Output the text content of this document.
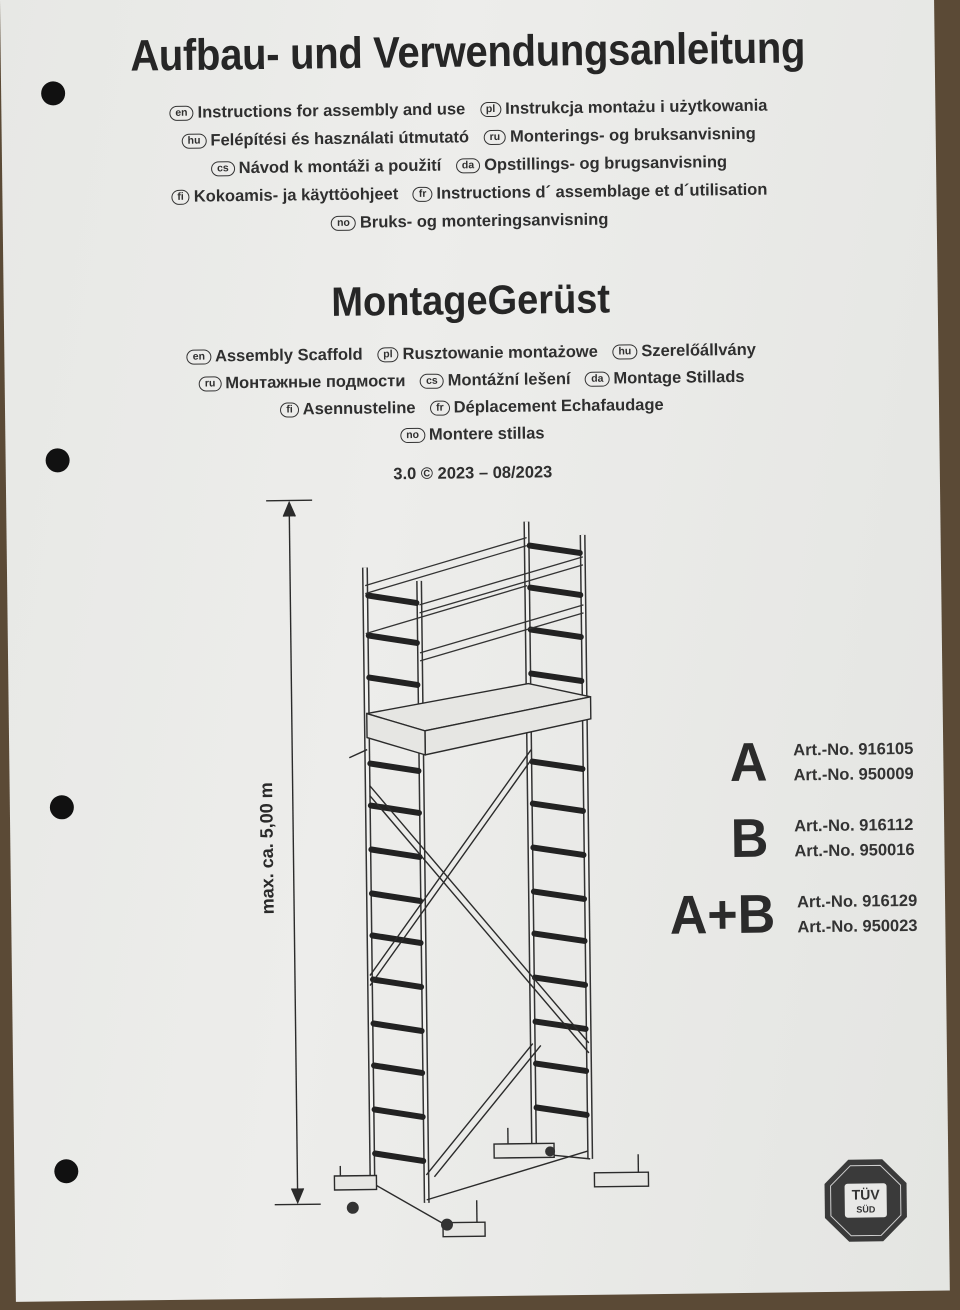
Aufbau- und Verwendungsanleitung
en Instructions for assembly and use pl Instrukcja montażu i użytkowania
hu Felépítési és használati útmutató ru Monterings- og bruksanvisning
cs Návod k montáži a použití da Opstillings- og brugsanvisning
fi Kokoamis- ja käyttöohjeet fr Instructions d´ assemblage et d´utilisation
no Bruks- og monteringsanvisning
MontageGerüst
en Assembly Scaffold pl Rusztowanie montażowe hu Szerelőállvány
ru Монтажные подмости cs Montážní lešení da Montage Stillads
fi Asennusteline fr Déplacement Echafaudage
no Montere stillas
3.0 © 2023 – 08/2023
max. ca. 5,00 m
A Art.-No. 916105
Art.-No. 950009
B Art.-No. 916112
Art.-No. 950016
A+B Art.-No. 916129
Art.-No. 950023
TÜV
SÜD
